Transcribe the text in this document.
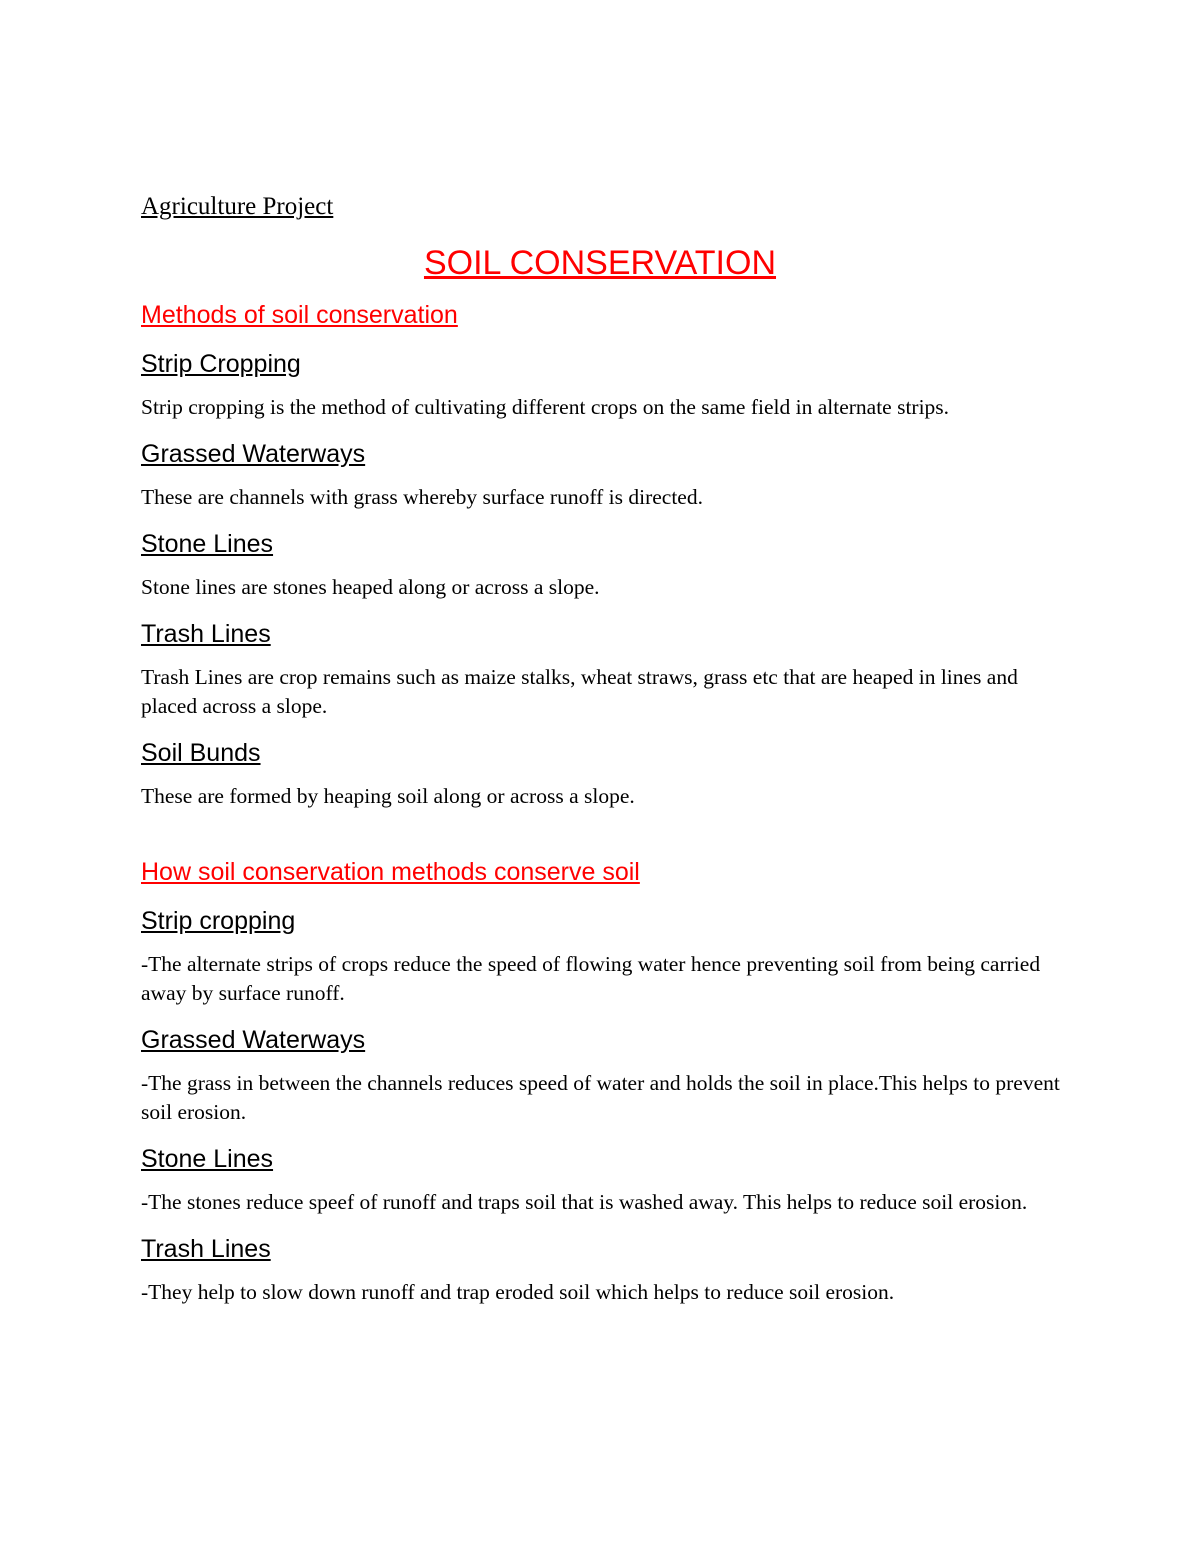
Agriculture Project

SOIL CONSERVATION

Methods of soil conservation

Strip Cropping

Strip cropping is the method of cultivating different crops on the same field in alternate strips.

Grassed Waterways

These are channels with grass whereby surface runoff is directed.

Stone Lines

Stone lines are stones heaped along or across a slope.

Trash Lines

Trash Lines are crop remains such as maize stalks, wheat straws, grass etc that are heaped in lines and placed across a slope.

Soil Bunds

These are formed by heaping soil along or across a slope.

How soil conservation methods conserve soil

Strip cropping

-The alternate strips of crops reduce the speed of flowing water hence preventing soil from being carried away by surface runoff.

Grassed Waterways

-The grass in between the channels reduces speed of water and holds the soil in place.This helps to prevent soil erosion.

Stone Lines

-The stones reduce speef of runoff and traps soil that is washed away. This helps to reduce soil erosion.

Trash Lines

-They help to slow down runoff and trap eroded soil which helps to reduce soil erosion.
